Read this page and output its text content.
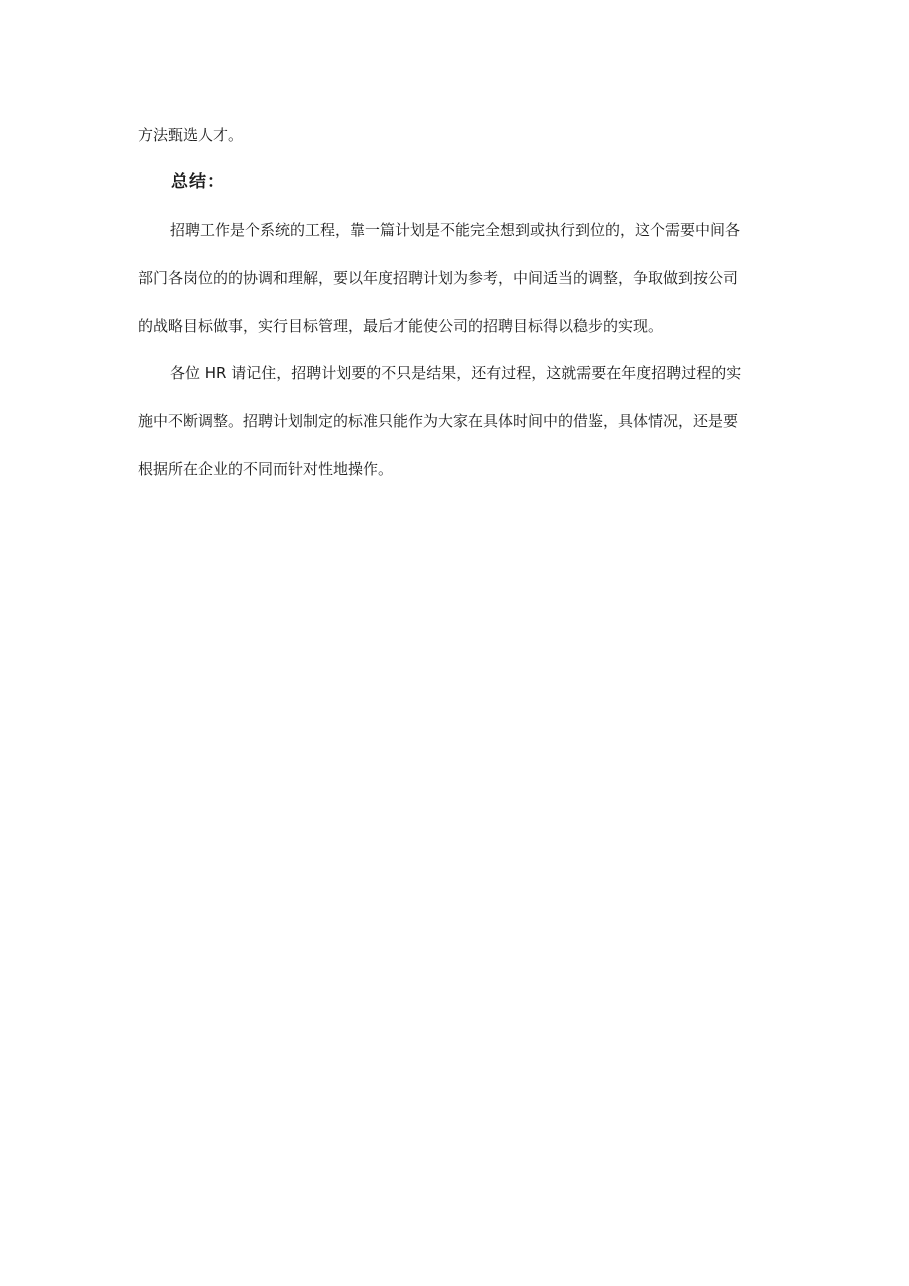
方法甄选人才。
总结：
招聘工作是个系统的工程，靠一篇计划是不能完全想到或执行到位的，这个需要中间各
部门各岗位的的协调和理解，要以年度招聘计划为参考，中间适当的调整，争取做到按公司
的战略目标做事，实行目标管理，最后才能使公司的招聘目标得以稳步的实现。
各位 HR 请记住，招聘计划要的不只是结果，还有过程，这就需要在年度招聘过程的实
施中不断调整。招聘计划制定的标准只能作为大家在具体时间中的借鉴，具体情况，还是要
根据所在企业的不同而针对性地操作。
